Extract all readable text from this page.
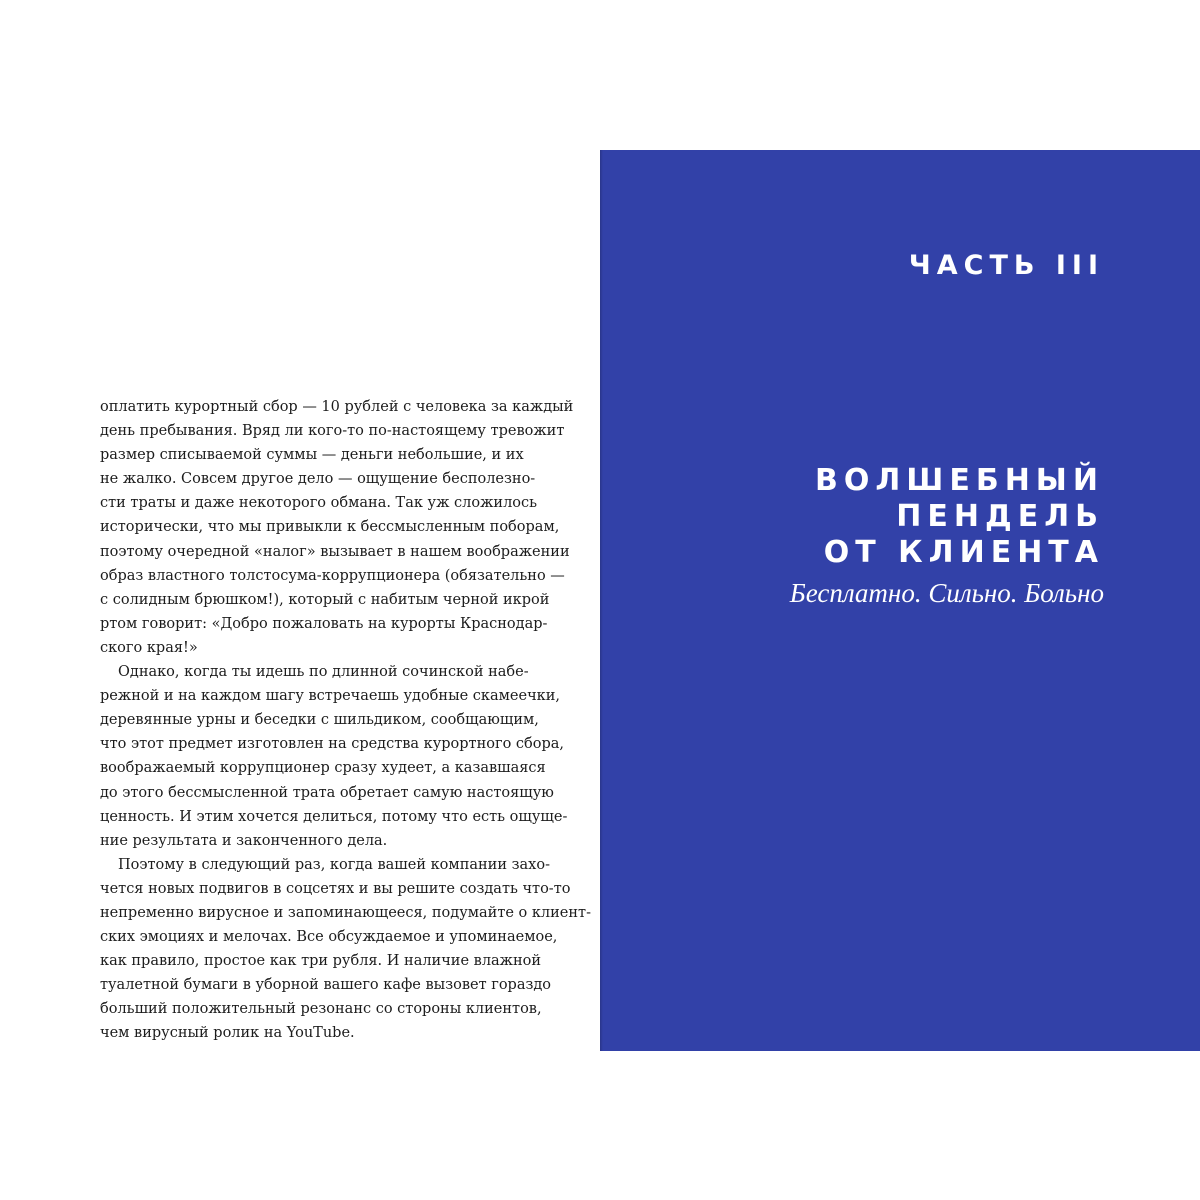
оплатить курортный сбор — 10 рублей с человека за каждый
день пребывания. Вряд ли кого-то по-настоящему тревожит
размер списываемой суммы — деньги небольшие, и их
не жалко. Совсем другое дело — ощущение бесполезно-
сти траты и даже некоторого обмана. Так уж сложилось
исторически, что мы привыкли к бессмысленным поборам,
поэтому очередной «налог» вызывает в нашем воображении
образ властного толстосума-коррупционера (обязательно —
с солидным брюшком!), который с набитым черной икрой
ртом говорит: «Добро пожаловать на курорты Краснодар-
ского края!»
Однако, когда ты идешь по длинной сочинской набе-
режной и на каждом шагу встречаешь удобные скамеечки,
деревянные урны и беседки с шильдиком, сообщающим,
что этот предмет изготовлен на средства курортного сбора,
воображаемый коррупционер сразу худеет, а казавшаяся
до этого бессмысленной трата обретает самую настоящую
ценность. И этим хочется делиться, потому что есть ощуще-
ние результата и законченного дела.
Поэтому в следующий раз, когда вашей компании захо-
чется новых подвигов в соцсетях и вы решите создать что-то
непременно вирусное и запоминающееся, подумайте о клиент-
ских эмоциях и мелочах. Все обсуждаемое и упоминаемое,
как правило, простое как три рубля. И наличие влажной
туалетной бумаги в уборной вашего кафе вызовет гораздо
больший положительный резонанс со стороны клиентов,
чем вирусный ролик на YouTube.
ЧАСТЬ III
ВОЛШЕБНЫЙ
ПЕНДЕЛЬ
ОТ КЛИЕНТА
Бесплатно. Сильно. Больно
